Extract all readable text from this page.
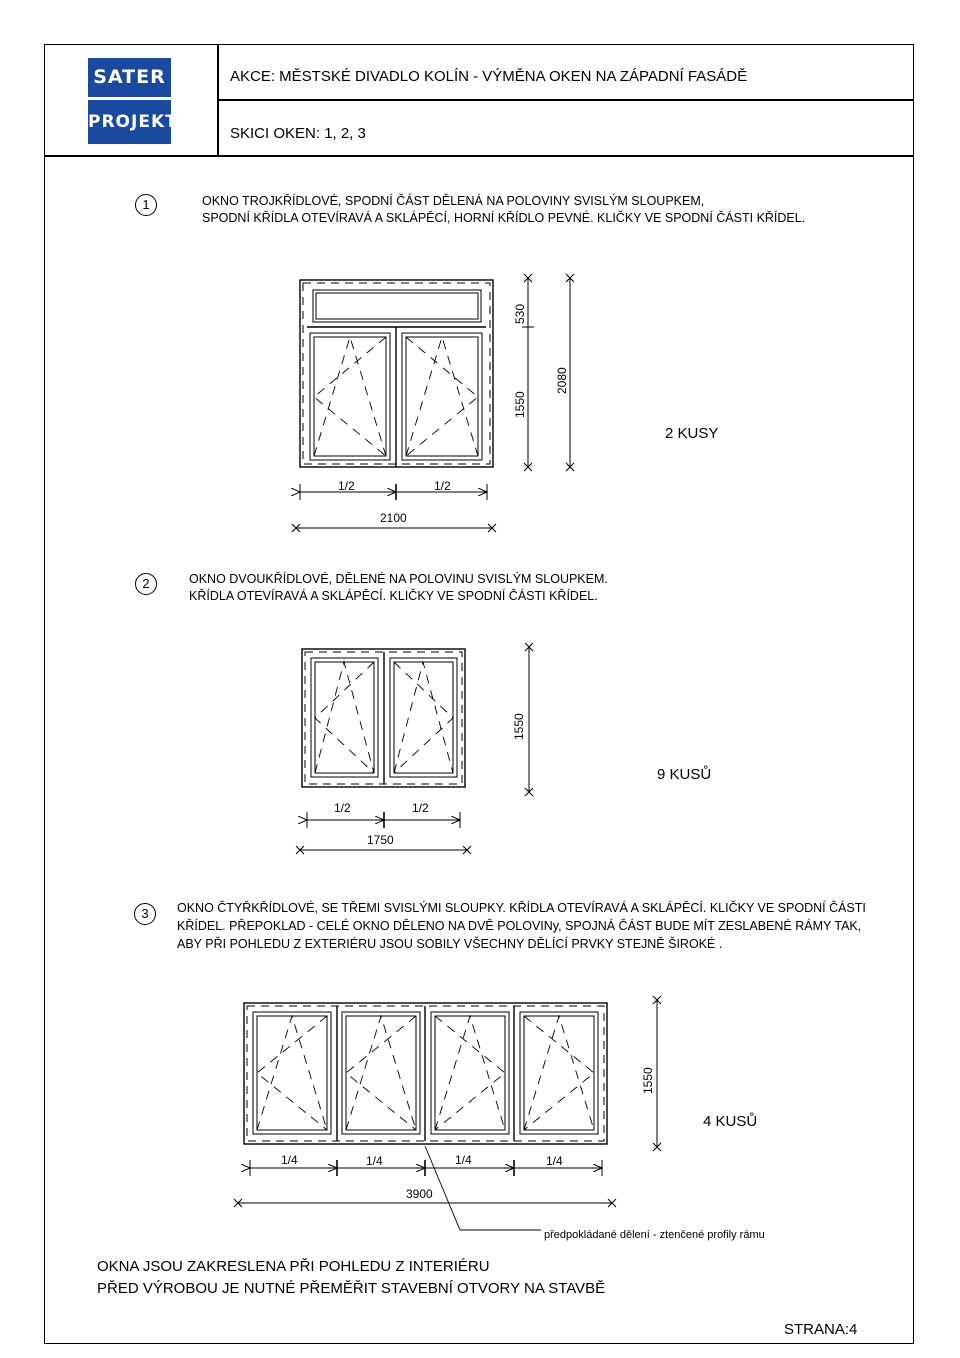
SATER
PROJEKT
AKCE: MĚSTSKÉ DIVADLO KOLÍN - VÝMĚNA OKEN NA ZÁPADNÍ FASÁDĚ
SKICI OKEN: 1, 2, 3
1	OKNO TROJKŘÍDLOVÉ, SPODNÍ ČÁST DĚLENÁ NA POLOVINY SVISLÝM SLOUPKEM,
SPODNÍ KŘÍDLA OTEVÍRAVÁ A SKLÁPĚCÍ, HORNÍ KŘÍDLO PEVNÉ. KLIČKY VE SPODNÍ ČÁSTI KŘÍDEL.
2	OKNO DVOUKŘÍDLOVÉ, DĚLENÉ NA POLOVINU SVISLÝM SLOUPKEM.
KŘÍDLA OTEVÍRAVÁ A SKLÁPĚCÍ. KLIČKY VE SPODNÍ ČÁSTI KŘÍDEL.
3	OKNO ČTYŘKŘÍDLOVÉ, SE TŘEMI SVISLÝMI SLOUPKY. KŘÍDLA OTEVÍRAVÁ A SKLÁPĚCÍ. KLIČKY VE SPODNÍ ČÁSTI
KŘÍDEL. PŘEPOKLAD - CELÉ OKNO DĚLENO NA DVĚ POLOVINy, SPOJNÁ ČÁST BUDE MÍT ZESLABENÉ RÁMY TAK,
ABY PŘI POHLEDU Z EXTERIÉRU JSOU SOBILY VŠECHNY DĚLÍCÍ PRVKY STEJNĚ ŠIROKÉ .
530
1550
2080
2 KUSY
1/2	1/2
2100
1550
9 KUSŮ
1/2	1/2
1750
1550
4 KUSŮ
1/4	1/4	1/4	1/4
3900
předpokládané dělení - ztenčené profily rámu
OKNA JSOU ZAKRESLENA PŘI POHLEDU Z INTERIÉRU
PŘED VÝROBOU JE NUTNÉ PŘEMĚŘIT STAVEBNÍ OTVORY NA STAVBĚ
STRANA:4
